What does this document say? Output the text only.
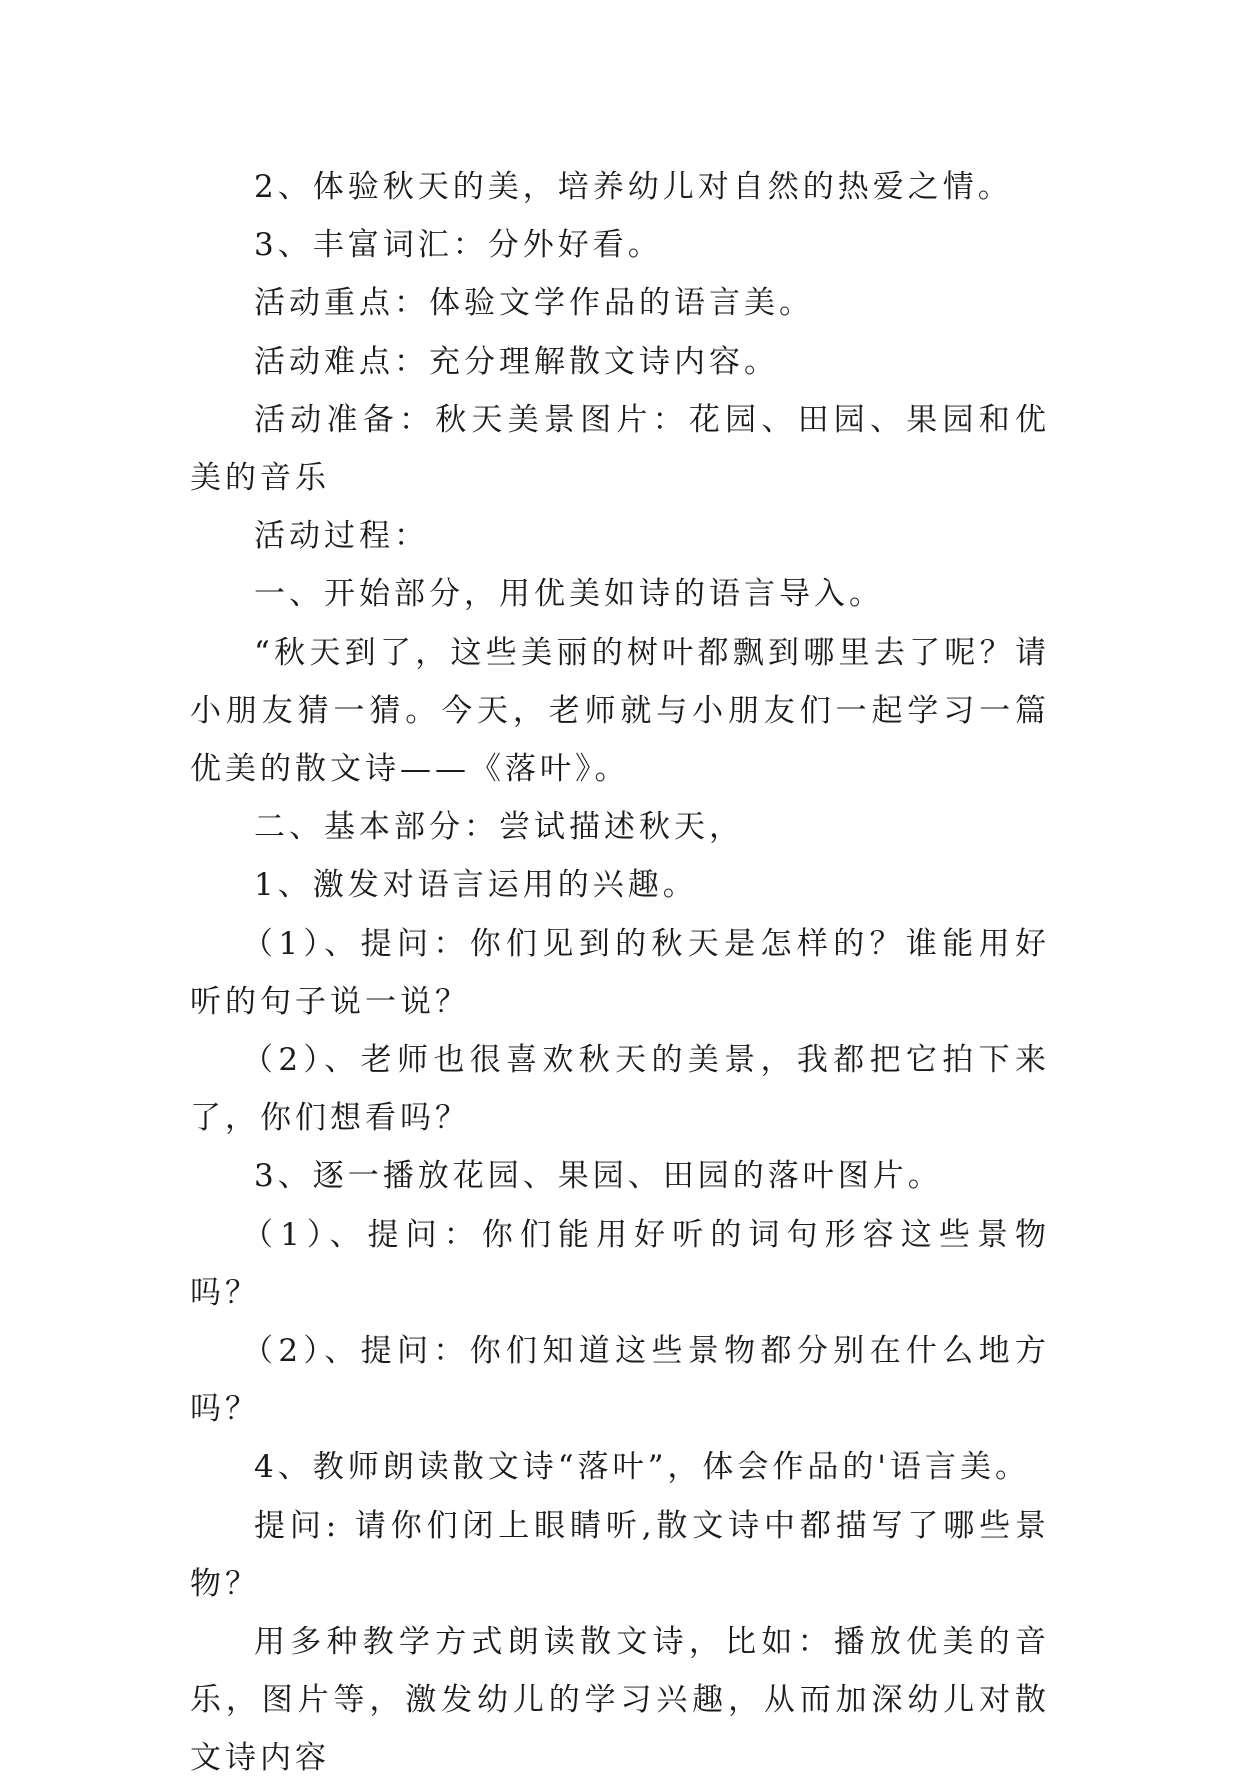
2、体验秋天的美，培养幼儿对自然的热爱之情。

3、丰富词汇：分外好看。

活动重点：体验文学作品的语言美。

活动难点：充分理解散文诗内容。

活动准备：秋天美景图片：花园、田园、果园和优美的音乐

活动过程：

一、开始部分，用优美如诗的语言导入。

“秋天到了，这些美丽的树叶都飘到哪里去了呢？请小朋友猜一猜。今天，老师就与小朋友们一起学习一篇优美的散文诗——《落叶》。

二、基本部分：尝试描述秋天，

1、激发对语言运用的兴趣。

（1）、提问：你们见到的秋天是怎样的？谁能用好听的句子说一说？

（2）、老师也很喜欢秋天的美景，我都把它拍下来了，你们想看吗？

3、逐一播放花园、果园、田园的落叶图片。

（1）、提问：你们能用好听的词句形容这些景物吗？

（2）、提问：你们知道这些景物都分别在什么地方吗？

4、教师朗读散文诗“落叶”，体会作品的'语言美。

提问: 请你们闭上眼睛听,散文诗中都描写了哪些景物？

用多种教学方式朗读散文诗，比如：播放优美的音乐，图片等，激发幼儿的学习兴趣，从而加深幼儿对散文诗内容
